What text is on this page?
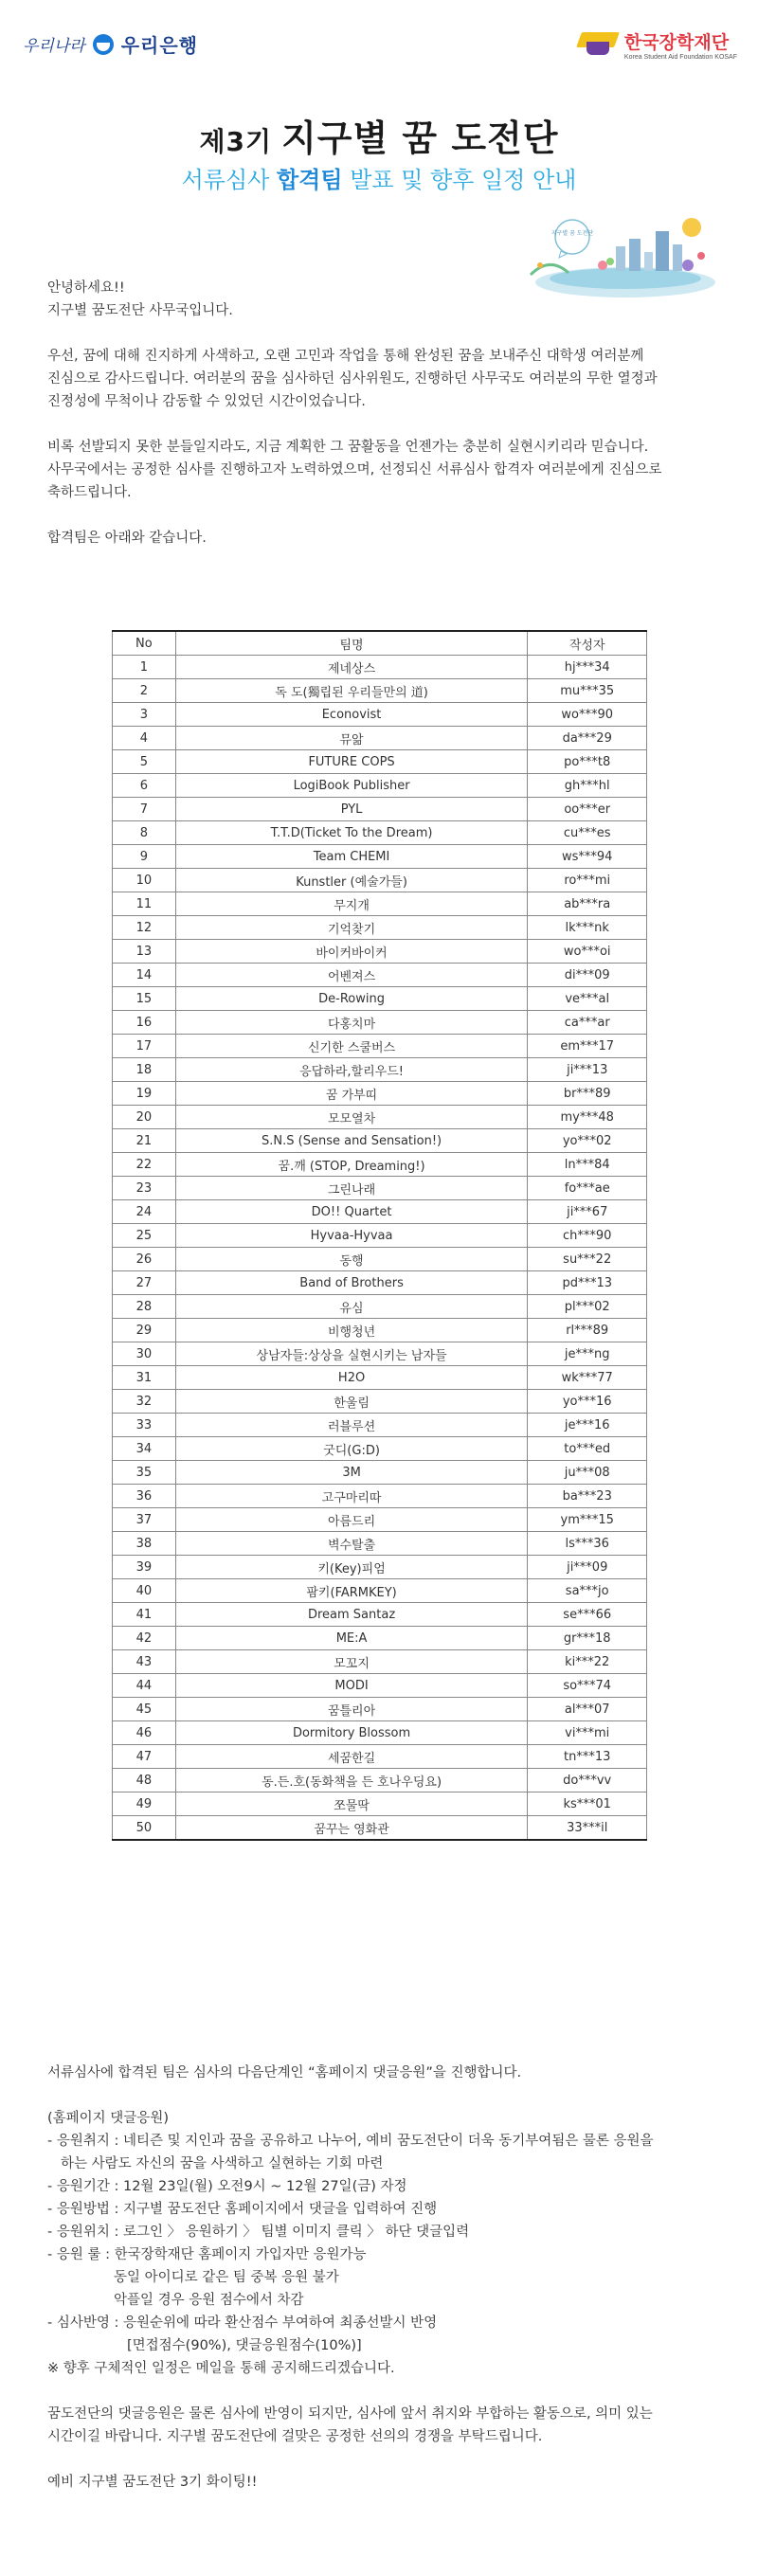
우리나라 우리은행	한국장학재단
Korea Student Aid Foundation KOSAF
제3기 지구별 꿈 도전단
서류심사 합격팀 발표 및 향후 일정 안내
지구별 꿈 도전단

안녕하세요!!

지구별 꿈도전단 사무국입니다.

우선, 꿈에 대해 진지하게 사색하고, 오랜 고민과 작업을 통해 완성된 꿈을 보내주신 대학생 여러분께

진심으로 감사드립니다. 여러분의 꿈을 심사하던 심사위원도, 진행하던 사무국도 여러분의 무한 열정과

진정성에 무척이나 감동할 수 있었던 시간이었습니다.

비록 선발되지 못한 분들일지라도, 지금 계획한 그 꿈활동을 언젠가는 충분히 실현시키리라 믿습니다.

사무국에서는 공정한 심사를 진행하고자 노력하였으며, 선정되신 서류심사 합격자 여러분에게 진심으로

축하드립니다.

합격팀은 아래와 같습니다.

No	팀명	작성자
1	제네상스	hj***34
2	독 도(獨립된 우리들만의 道)	mu***35
3	Econovist	wo***90
4	뮤앎	da***29
5	FUTURE COPS	po***t8
6	LogiBook Publisher	gh***hl
7	PYL	oo***er
8	T.T.D(Ticket To the Dream)	cu***es
9	Team CHEMI	ws***94
10	Kunstler (예술가들)	ro***mi
11	무지개	ab***ra
12	기억찾기	lk***nk
13	바이커바이커	wo***oi
14	어벤져스	di***09
15	De-Rowing	ve***al
16	다홍치마	ca***ar
17	신기한 스쿨버스	em***17
18	응답하라,할리우드!	ji***13
19	꿈 가부띠	br***89
20	모모열차	my***48
21	S.N.S (Sense and Sensation!)	yo***02
22	꿈.깨 (STOP, Dreaming!)	ln***84
23	그린나래	fo***ae
24	DO!! Quartet	ji***67
25	Hyvaa-Hyvaa	ch***90
26	동행	su***22
27	Band of Brothers	pd***13
28	유심	pl***02
29	비행청년	rl***89
30	상남자들:상상을 실현시키는 남자들	je***ng
31	H2O	wk***77
32	한울림	yo***16
33	러블루션	je***16
34	굿디(G:D)	to***ed
35	3M	ju***08
36	고구마리따	ba***23
37	아름드리	ym***15
38	벽수탈출	ls***36
39	키(Key)피엄	ji***09
40	팜키(FARMKEY)	sa***jo
41	Dream Santaz	se***66
42	ME:A	gr***18
43	모꼬지	ki***22
44	MODI	so***74
45	꿈틀리아	al***07
46	Dormitory Blossom	vi***mi
47	세꿈한길	tn***13
48	동.든.호(동화책을 든 호나우딩요)	do***vv
49	쪼물딱	ks***01
50	꿈꾸는 영화관	33***il

서류심사에 합격된 팀은 심사의 다음단계인 “홈페이지 댓글응원”을 진행합니다.

(홈페이지 댓글응원)

- 응원취지 : 네티즌 및 지인과 꿈을 공유하고 나누어, 예비 꿈도전단이 더욱 동기부여됨은 물론 응원을

하는 사람도 자신의 꿈을 사색하고 실현하는 기회 마련

- 응원기간 : 12월 23일(월) 오전9시 ~ 12월 27일(금) 자정

- 응원방법 : 지구별 꿈도전단 홈페이지에서 댓글을 입력하여 진행

- 응원위치 : 로그인 〉 응원하기 〉 팀별 이미지 클릭 〉 하단 댓글입력

- 응원 룰 : 한국장학재단 홈페이지 가입자만 응원가능

동일 아이디로 같은 팀 중복 응원 불가

악플일 경우 응원 점수에서 차감

- 심사반영 : 응원순위에 따라 환산점수 부여하여 최종선발시 반영

[면접점수(90%), 댓글응원점수(10%)]

※ 향후 구체적인 일정은 메일을 통해 공지해드리겠습니다.

꿈도전단의 댓글응원은 물론 심사에 반영이 되지만, 심사에 앞서 취지와 부합하는 활동으로, 의미 있는

시간이길 바랍니다. 지구별 꿈도전단에 걸맞은 공정한 선의의 경쟁을 부탁드립니다.

예비 지구별 꿈도전단 3기 화이팅!!
